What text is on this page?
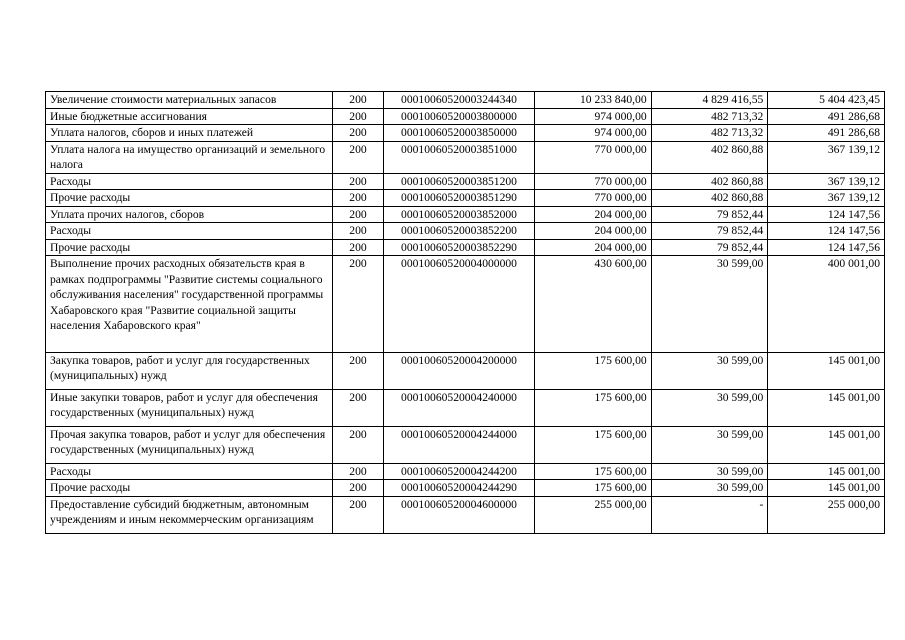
Увеличение стоимости материальных запасов	200	00010060520003244340	10 233 840,00	4 829 416,55	5 404 423,45
Иные бюджетные ассигнования	200	00010060520003800000	974 000,00	482 713,32	491 286,68
Уплата налогов, сборов и иных платежей	200	00010060520003850000	974 000,00	482 713,32	491 286,68
Уплата налога на имущество организаций и земельного налога	200	00010060520003851000	770 000,00	402 860,88	367 139,12
Расходы	200	00010060520003851200	770 000,00	402 860,88	367 139,12
Прочие расходы	200	00010060520003851290	770 000,00	402 860,88	367 139,12
Уплата прочих налогов, сборов	200	00010060520003852000	204 000,00	79 852,44	124 147,56
Расходы	200	00010060520003852200	204 000,00	79 852,44	124 147,56
Прочие расходы	200	00010060520003852290	204 000,00	79 852,44	124 147,56

Выполнение прочих расходных обязательств края в рамках подпрограммы "Развитие системы социального обслуживания населения" государственной программы Хабаровского края "Развитие социальной защиты населения Хабаровского края"	200	00010060520004000000	430 600,00	30 599,00	400 001,00

Закупка товаров, работ и услуг для государственных (муниципальных) нужд	200	00010060520004200000	175 600,00	30 599,00	145 001,00

Иные закупки товаров, работ и услуг для обеспечения государственных (муниципальных) нужд	200	00010060520004240000	175 600,00	30 599,00	145 001,00

Прочая закупка товаров, работ и услуг для обеспечения государственных (муниципальных) нужд	200	00010060520004244000	175 600,00	30 599,00	145 001,00
Расходы	200	00010060520004244200	175 600,00	30 599,00	145 001,00
Прочие расходы	200	00010060520004244290	175 600,00	30 599,00	145 001,00

Предоставление субсидий бюджетным, автономным учреждениям и иным некоммерческим организациям	200	00010060520004600000	255 000,00	-	255 000,00
